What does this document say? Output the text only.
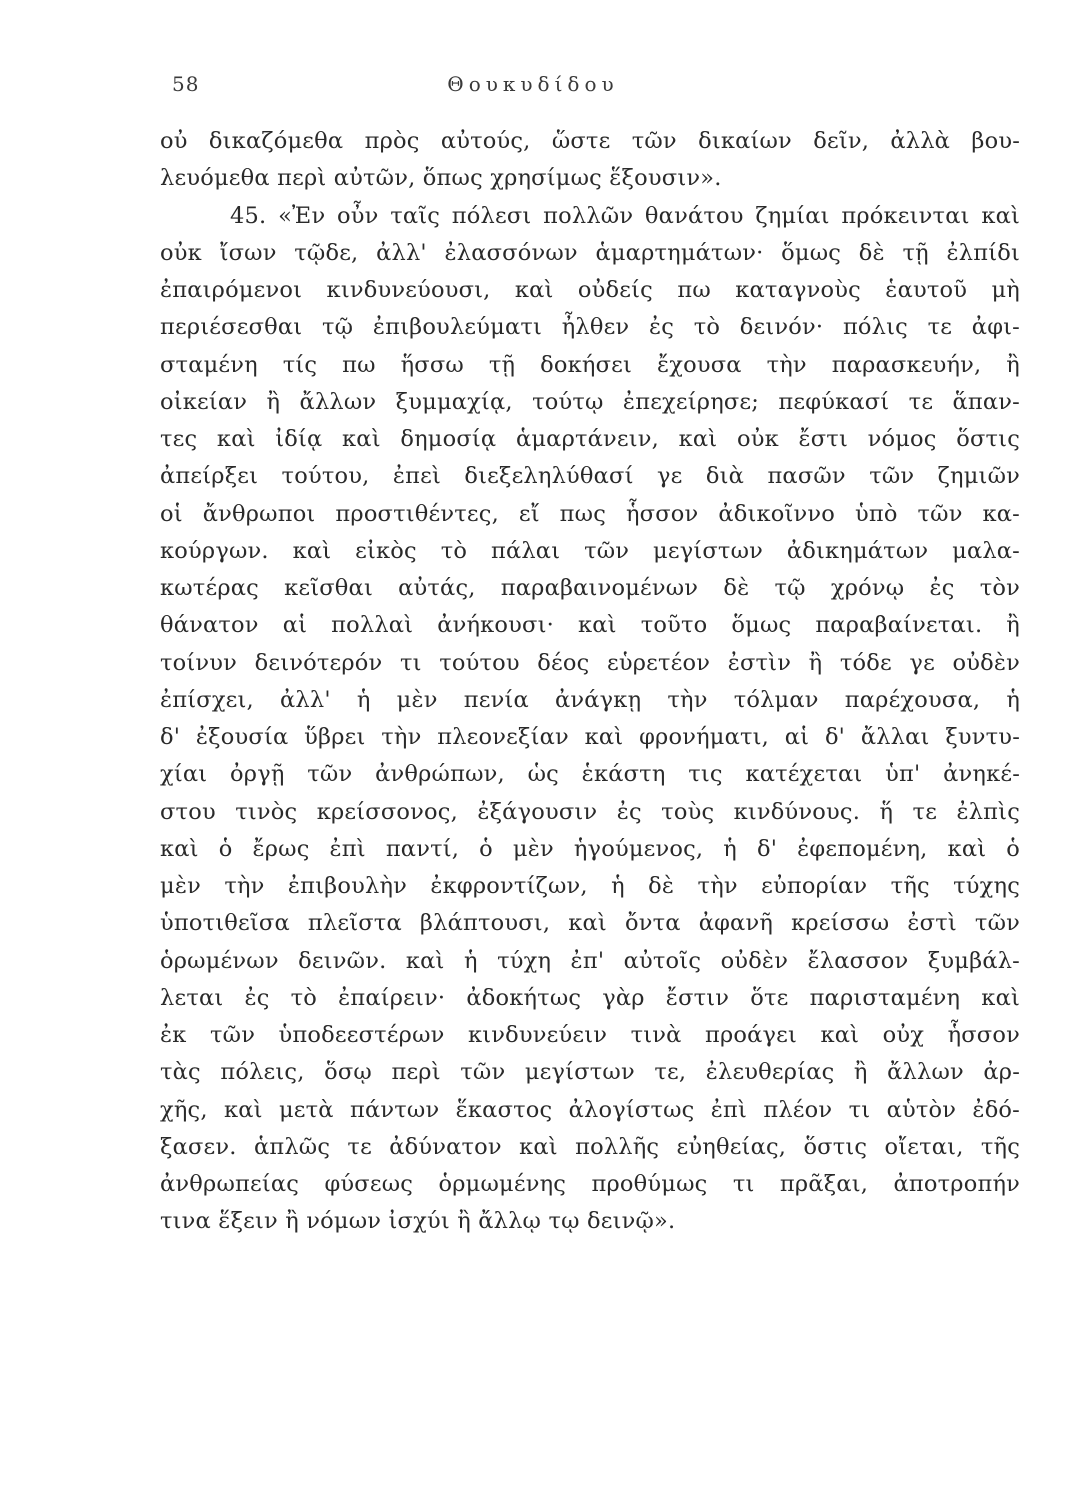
58	Θουκυδίδου
οὐ δικαζόμεθα πρὸς αὐτούς, ὥστε τῶν δικαίων δεῖν, ἀλλὰ βου-
λευόμεθα περὶ αὐτῶν, ὅπως χρησίμως ἕξουσιν».
45. «Ἐν οὖν ταῖς πόλεσι πολλῶν θανάτου ζημίαι πρόκεινται καὶ
οὐκ ἴσων τῷδε, ἀλλ' ἐλασσόνων ἁμαρτημάτων· ὅμως δὲ τῇ ἐλπίδι
ἐπαιρόμενοι κινδυνεύουσι, καὶ οὐδείς πω καταγνοὺς ἑαυτοῦ μὴ
περιέσεσθαι τῷ ἐπιβουλεύματι ἦλθεν ἐς τὸ δεινόν· πόλις τε ἀφι-
σταμένη τίς πω ἥσσω τῇ δοκήσει ἔχουσα τὴν παρασκευήν, ἢ
οἰκείαν ἢ ἄλλων ξυμμαχίᾳ, τούτῳ ἐπεχείρησε; πεφύκασί τε ἅπαν-
τες καὶ ἰδίᾳ καὶ δημοσίᾳ ἁμαρτάνειν, καὶ οὐκ ἔστι νόμος ὅστις
ἀπείρξει τούτου, ἐπεὶ διεξεληλύθασί γε διὰ πασῶν τῶν ζημιῶν
οἱ ἄνθρωποι προστιθέντες, εἴ πως ἧσσον ἀδικοῖννο ὑπὸ τῶν κα-
κούργων. καὶ εἰκὸς τὸ πάλαι τῶν μεγίστων ἀδικημάτων μαλα-
κωτέρας κεῖσθαι αὐτάς, παραβαινομένων δὲ τῷ χρόνῳ ἐς τὸν
θάνατον αἱ πολλαὶ ἀνήκουσι· καὶ τοῦτο ὅμως παραβαίνεται. ἢ
τοίνυν δεινότερόν τι τούτου δέος εὑρετέον ἐστὶν ἢ τόδε γε οὐδὲν
ἐπίσχει, ἀλλ' ἡ μὲν πενία ἀνάγκῃ τὴν τόλμαν παρέχουσα, ἡ
δ' ἐξουσία ὕβρει τὴν πλεονεξίαν καὶ φρονήματι, αἱ δ' ἄλλαι ξυντυ-
χίαι ὀργῇ τῶν ἀνθρώπων, ὡς ἑκάστη τις κατέχεται ὑπ' ἀνηκέ-
στου τινὸς κρείσσονος, ἐξάγουσιν ἐς τοὺς κινδύνους. ἥ τε ἐλπὶς
καὶ ὁ ἔρως ἐπὶ παντί, ὁ μὲν ἡγούμενος, ἡ δ' ἐφεπομένη, καὶ ὁ
μὲν τὴν ἐπιβουλὴν ἐκφροντίζων, ἡ δὲ τὴν εὐπορίαν τῆς τύχης
ὑποτιθεῖσα πλεῖστα βλάπτουσι, καὶ ὄντα ἀφανῆ κρείσσω ἐστὶ τῶν
ὁρωμένων δεινῶν. καὶ ἡ τύχη ἐπ' αὐτοῖς οὐδὲν ἔλασσον ξυμβάλ-
λεται ἐς τὸ ἐπαίρειν· ἀδοκήτως γὰρ ἔστιν ὅτε παρισταμένη καὶ
ἐκ τῶν ὑποδεεστέρων κινδυνεύειν τινὰ προάγει καὶ οὐχ ἧσσον
τὰς πόλεις, ὅσῳ περὶ τῶν μεγίστων τε, ἐλευθερίας ἢ ἄλλων ἀρ-
χῆς, καὶ μετὰ πάντων ἕκαστος ἀλογίστως ἐπὶ πλέον τι αὑτὸν ἐδό-
ξασεν. ἁπλῶς τε ἀδύνατον καὶ πολλῆς εὐηθείας, ὅστις οἴεται, τῆς
ἀνθρωπείας φύσεως ὁρμωμένης προθύμως τι πρᾶξαι, ἀποτροπήν
τινα ἕξειν ἢ νόμων ἰσχύι ἢ ἄλλῳ τῳ δεινῷ».
